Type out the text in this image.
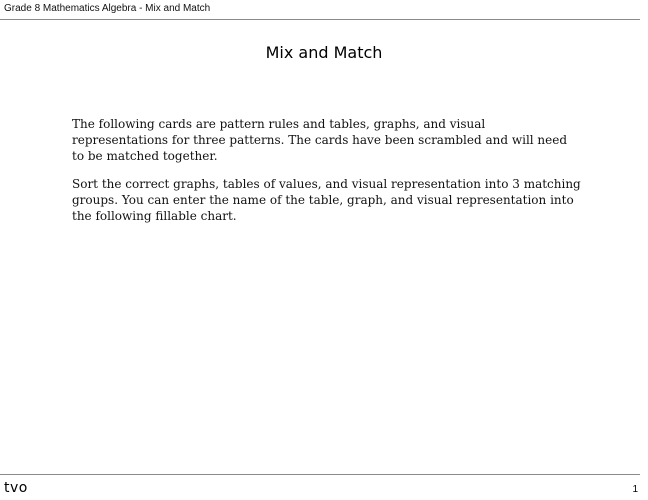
Grade 8 Mathematics Algebra - Mix and Match
Mix and Match

The following cards are pattern rules and tables, graphs, and visual representations for three patterns. The cards have been scrambled and will need to be matched together.

Sort the correct graphs, tables of values, and visual representation into 3 matching groups. You can enter the name of the table, graph, and visual representation into the following fillable chart.

tvo	1
